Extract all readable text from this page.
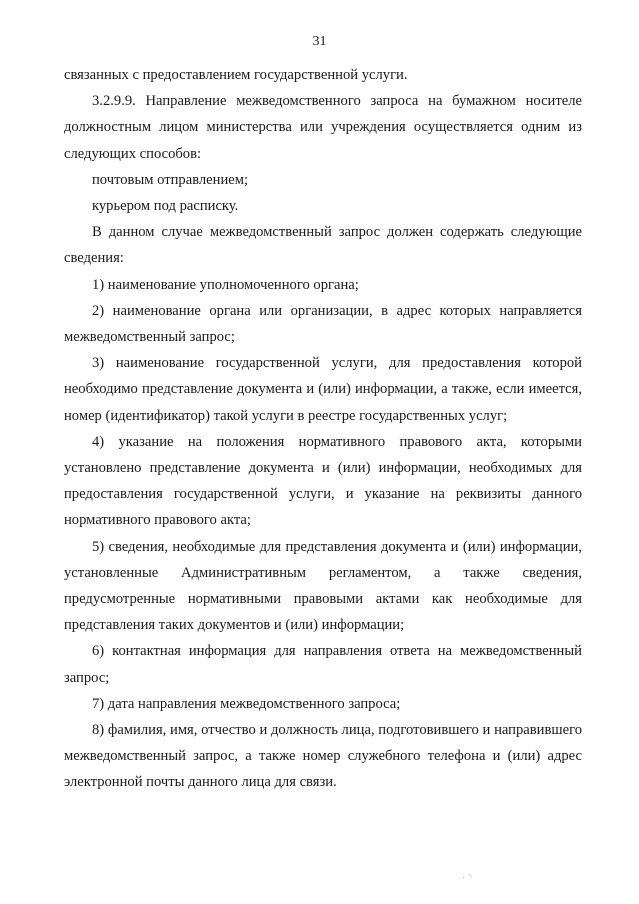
31

связанных с предоставлением государственной услуги.

3.2.9.9. Направление межведомственного запроса на бумажном носителе должностным лицом министерства или учреждения осуществляется одним из следующих способов:

почтовым отправлением;

курьером под расписку.

В данном случае межведомственный запрос должен содержать следующие сведения:

1) наименование уполномоченного органа;

2) наименование органа или организации, в адрес которых направляется межведомственный запрос;

3) наименование государственной услуги, для предоставления которой необходимо представление документа и (или) информации, а также, если имеется, номер (идентификатор) такой услуги в реестре государственных услуг;

4) указание на положения нормативного правового акта, которыми установлено представление документа и (или) информации, необходимых для предоставления государственной услуги, и указание на реквизиты данного нормативного правового акта;

5) сведения, необходимые для представления документа и (или) информации, установленные Административным регламентом, а также сведения, предусмотренные нормативными правовыми актами как необходимые для представления таких документов и (или) информации;

6) контактная информация для направления ответа на межведомственный запрос;

7) дата направления межведомственного запроса;

8) фамилия, имя, отчество и должность лица, подготовившего и направившего межведомственный запрос, а также номер служебного телефона и (или) адрес электронной почты данного лица для связи.

· ⸌
